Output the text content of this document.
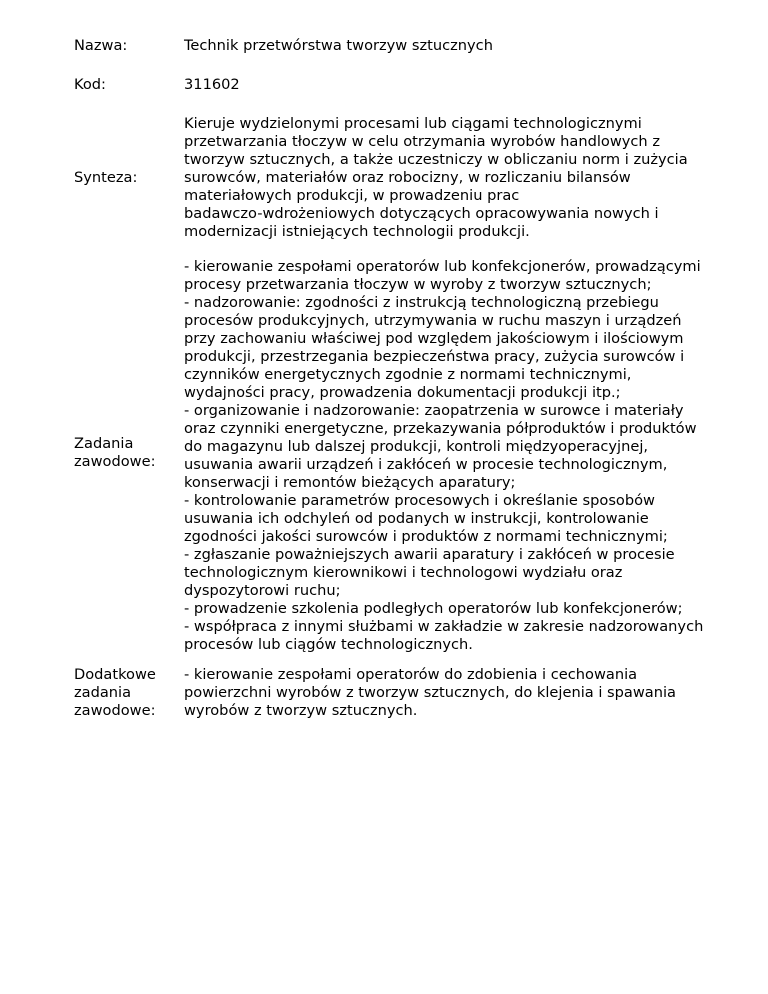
Nazwa:	Technik przetwórstwa tworzyw sztucznych
Kod:	311602
Synteza:
Kieruje wydzielonymi procesami lub ciągami technologicznymi
przetwarzania tłoczyw w celu otrzymania wyrobów handlowych z
tworzyw sztucznych, a także uczestniczy w obliczaniu norm i zużycia
surowców, materiałów oraz robocizny, w rozliczaniu bilansów
materiałowych produkcji, w prowadzeniu prac
badawczo-wdrożeniowych dotyczących opracowywania nowych i
modernizacji istniejących technologii produkcji.
Zadania
zawodowe:
- kierowanie zespołami operatorów lub konfekcjonerów, prowadzącymi
procesy przetwarzania tłoczyw w wyroby z tworzyw sztucznych;
- nadzorowanie: zgodności z instrukcją technologiczną przebiegu
procesów produkcyjnych, utrzymywania w ruchu maszyn i urządzeń
przy zachowaniu właściwej pod względem jakościowym i ilościowym
produkcji, przestrzegania bezpieczeństwa pracy, zużycia surowców i
czynników energetycznych zgodnie z normami technicznymi,
wydajności pracy, prowadzenia dokumentacji produkcji itp.;
- organizowanie i nadzorowanie: zaopatrzenia w surowce i materiały
oraz czynniki energetyczne, przekazywania półproduktów i produktów
do magazynu lub dalszej produkcji, kontroli międzyoperacyjnej,
usuwania awarii urządzeń i zakłóceń w procesie technologicznym,
konserwacji i remontów bieżących aparatury;
- kontrolowanie parametrów procesowych i określanie sposobów
usuwania ich odchyleń od podanych w instrukcji, kontrolowanie
zgodności jakości surowców i produktów z normami technicznymi;
- zgłaszanie poważniejszych awarii aparatury i zakłóceń w procesie
technologicznym kierownikowi i technologowi wydziału oraz
dyspozytorowi ruchu;
- prowadzenie szkolenia podległych operatorów lub konfekcjonerów;
- współpraca z innymi służbami w zakładzie w zakresie nadzorowanych
procesów lub ciągów technologicznych.
Dodatkowe
zadania
zawodowe:
- kierowanie zespołami operatorów do zdobienia i cechowania
powierzchni wyrobów z tworzyw sztucznych, do klejenia i spawania
wyrobów z tworzyw sztucznych.
